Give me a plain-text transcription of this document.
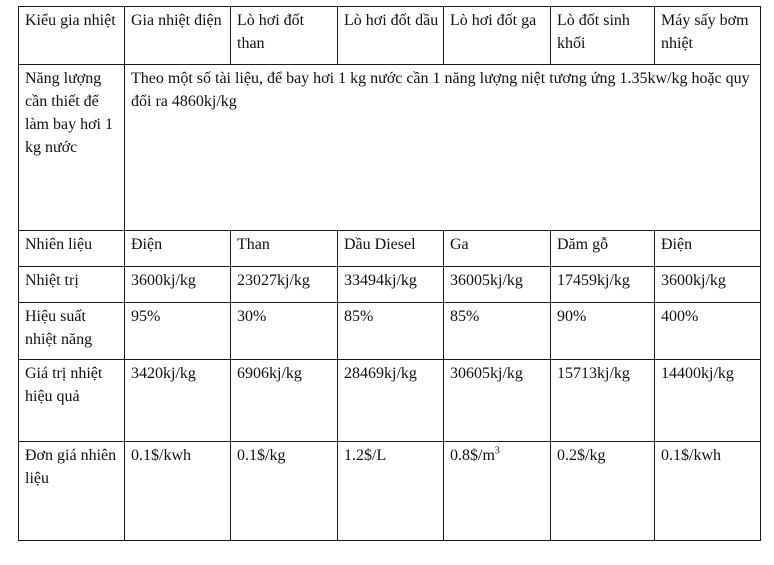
Kiểu gia nhiệt	Gia nhiệt điện	Lò hơi đốt than	Lò hơi đốt dầu	Lò hơi đốt ga	Lò đốt sinh khối	Máy sấy bơm nhiệt
Năng lượng cần thiết để làm bay hơi 1 kg nước	Theo một số tài liệu, để bay hơi 1 kg nước cần 1 năng lượng niệt tương ứng 1.35kw/kg hoặc quy đổi ra 4860kj/kg					
Nhiên liệu	Điện	Than	Dầu Diesel	Ga	Dăm gỗ	Điện
Nhiệt trị	3600kj/kg	23027kj/kg	33494kj/kg	36005kj/kg	17459kj/kg	3600kj/kg
Hiệu suất nhiệt năng	95%	30%	85%	85%	90%	400%
Giá trị nhiệt hiệu quả	3420kj/kg	6906kj/kg	28469kj/kg	30605kj/kg	15713kj/kg	14400kj/kg
Đơn giá nhiên liệu	0.1$/kwh	0.1$/kg	1.2$/L	$0.8\$/m^3$	0.2$/kg	0.1$/kwh
